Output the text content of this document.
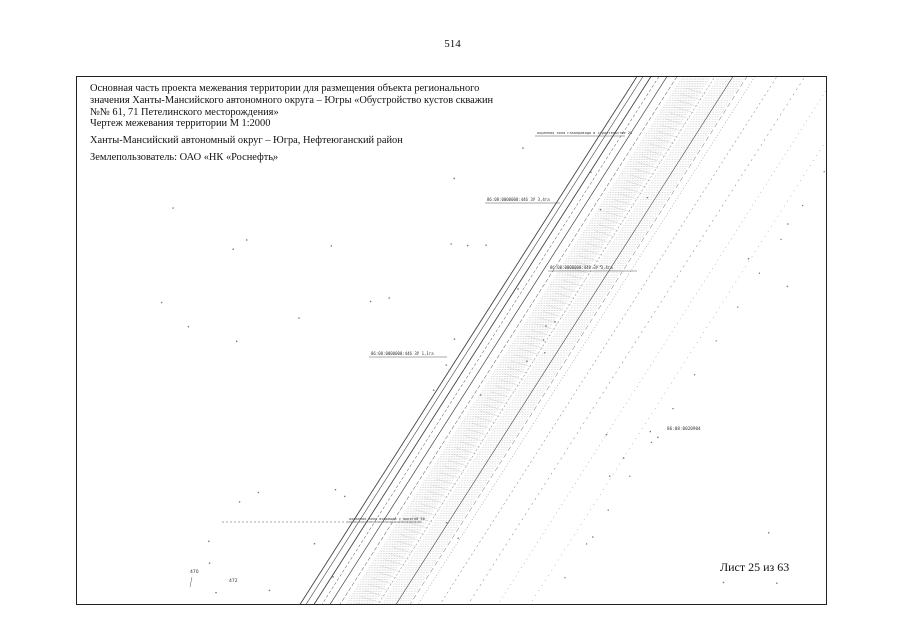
514
охранная зона газопровода в строительстве 2%
86:08:0000000:446 ЗУ 3,4га
86:08:0000000:448 ЗУ 3,4га
86:08:0000000:446 ЗУ 1,1га
86:08:0020904
охранная зона водовода с высотой 30
470
472
Основная часть проекта межевания территории для размещения объекта регионального
значения Ханты-Мансийского автономного округа – Югры «Обустройство кустов скважин
№№ 61, 71 Петелинского месторождения»
Чертеж межевания территории М 1:2000
Ханты-Мансийский автономный округ – Югра, Нефтеюганский район
Землепользователь: ОАО «НК «Роснефть»
Лист 25 из 63
